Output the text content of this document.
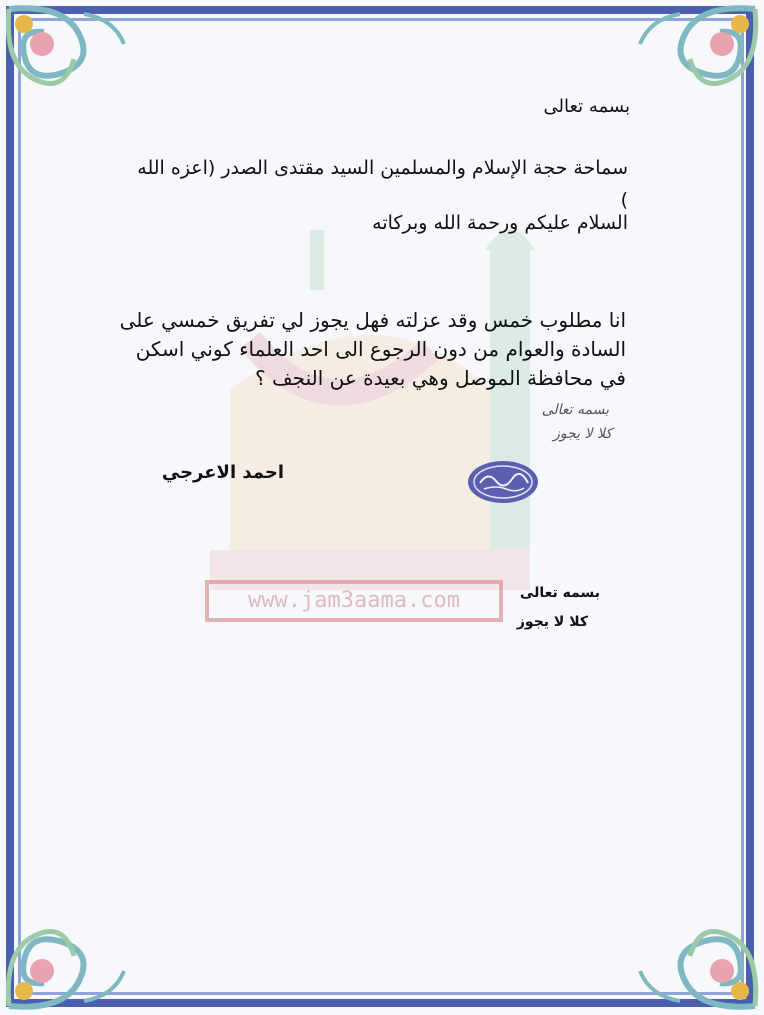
www.jam3aama.com
بسمه تعالى
سماحة حجة الإسلام والمسلمين السيد مقتدى الصدر (اعزه الله )
السلام عليكم ورحمة الله وبركاته
انا مطلوب خمس وقد عزلته فهل يجوز لي تفريق خمسي على السادة والعوام من دون الرجوع الى احد العلماء كوني اسكن في محافظة الموصل وهي بعيدة عن النجف ؟
بسمه تعالى
كلا لا يجوز
احمد الاعرجي
بسمه تعالى
كلا لا يجوز
